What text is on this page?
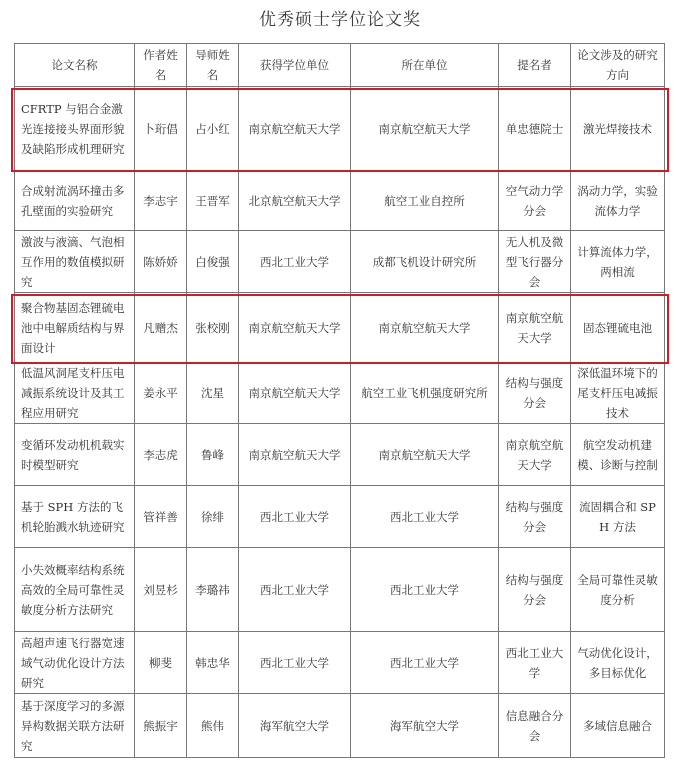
优秀硕士学位论文奖
论文名称	作者姓名	导师姓名	获得学位单位	所在单位	提名者	论文涉及的研究方向
CFRTP 与铝合金激光连接接头界面形貌及缺陷形成机理研究	卜珩倡	占小红	南京航空航天大学	南京航空航天大学	单忠德院士	激光焊接技术
合成射流涡环撞击多孔壁面的实验研究	李志宇	王晋军	北京航空航天大学	航空工业自控所	空气动力学分会	涡动力学，实验流体力学
激波与液滴、气泡相互作用的数值模拟研究	陈娇娇	白俊强	西北工业大学	成都飞机设计研究所	无人机及微型飞行器分会	计算流体力学，两相流
聚合物基固态锂硫电池中电解质结构与界面设计	凡赠杰	张校刚	南京航空航天大学	南京航空航天大学	南京航空航天大学	固态锂硫电池
低温风洞尾支杆压电减振系统设计及其工程应用研究	姜永平	沈星	南京航空航天大学	航空工业飞机强度研究所	结构与强度分会	深低温环境下的尾支杆压电减振技术
变循环发动机机载实时模型研究	李志虎	鲁峰	南京航空航天大学	南京航空航天大学	南京航空航天大学	航空发动机建模、诊断与控制
基于 SPH 方法的飞机轮胎溅水轨迹研究	管祥善	徐绯	西北工业大学	西北工业大学	结构与强度分会	流固耦合和 SPH 方法
小失效概率结构系统高效的全局可靠性灵敏度分析方法研究	刘昱杉	李璐祎	西北工业大学	西北工业大学	结构与强度分会	全局可靠性灵敏度分析
高超声速飞行器宽速域气动优化设计方法研究	柳斐	韩忠华	西北工业大学	西北工业大学	西北工业大学	气动优化设计，多目标优化
基于深度学习的多源异构数据关联方法研究	熊振宇	熊伟	海军航空大学	海军航空大学	信息融合分会	多域信息融合
